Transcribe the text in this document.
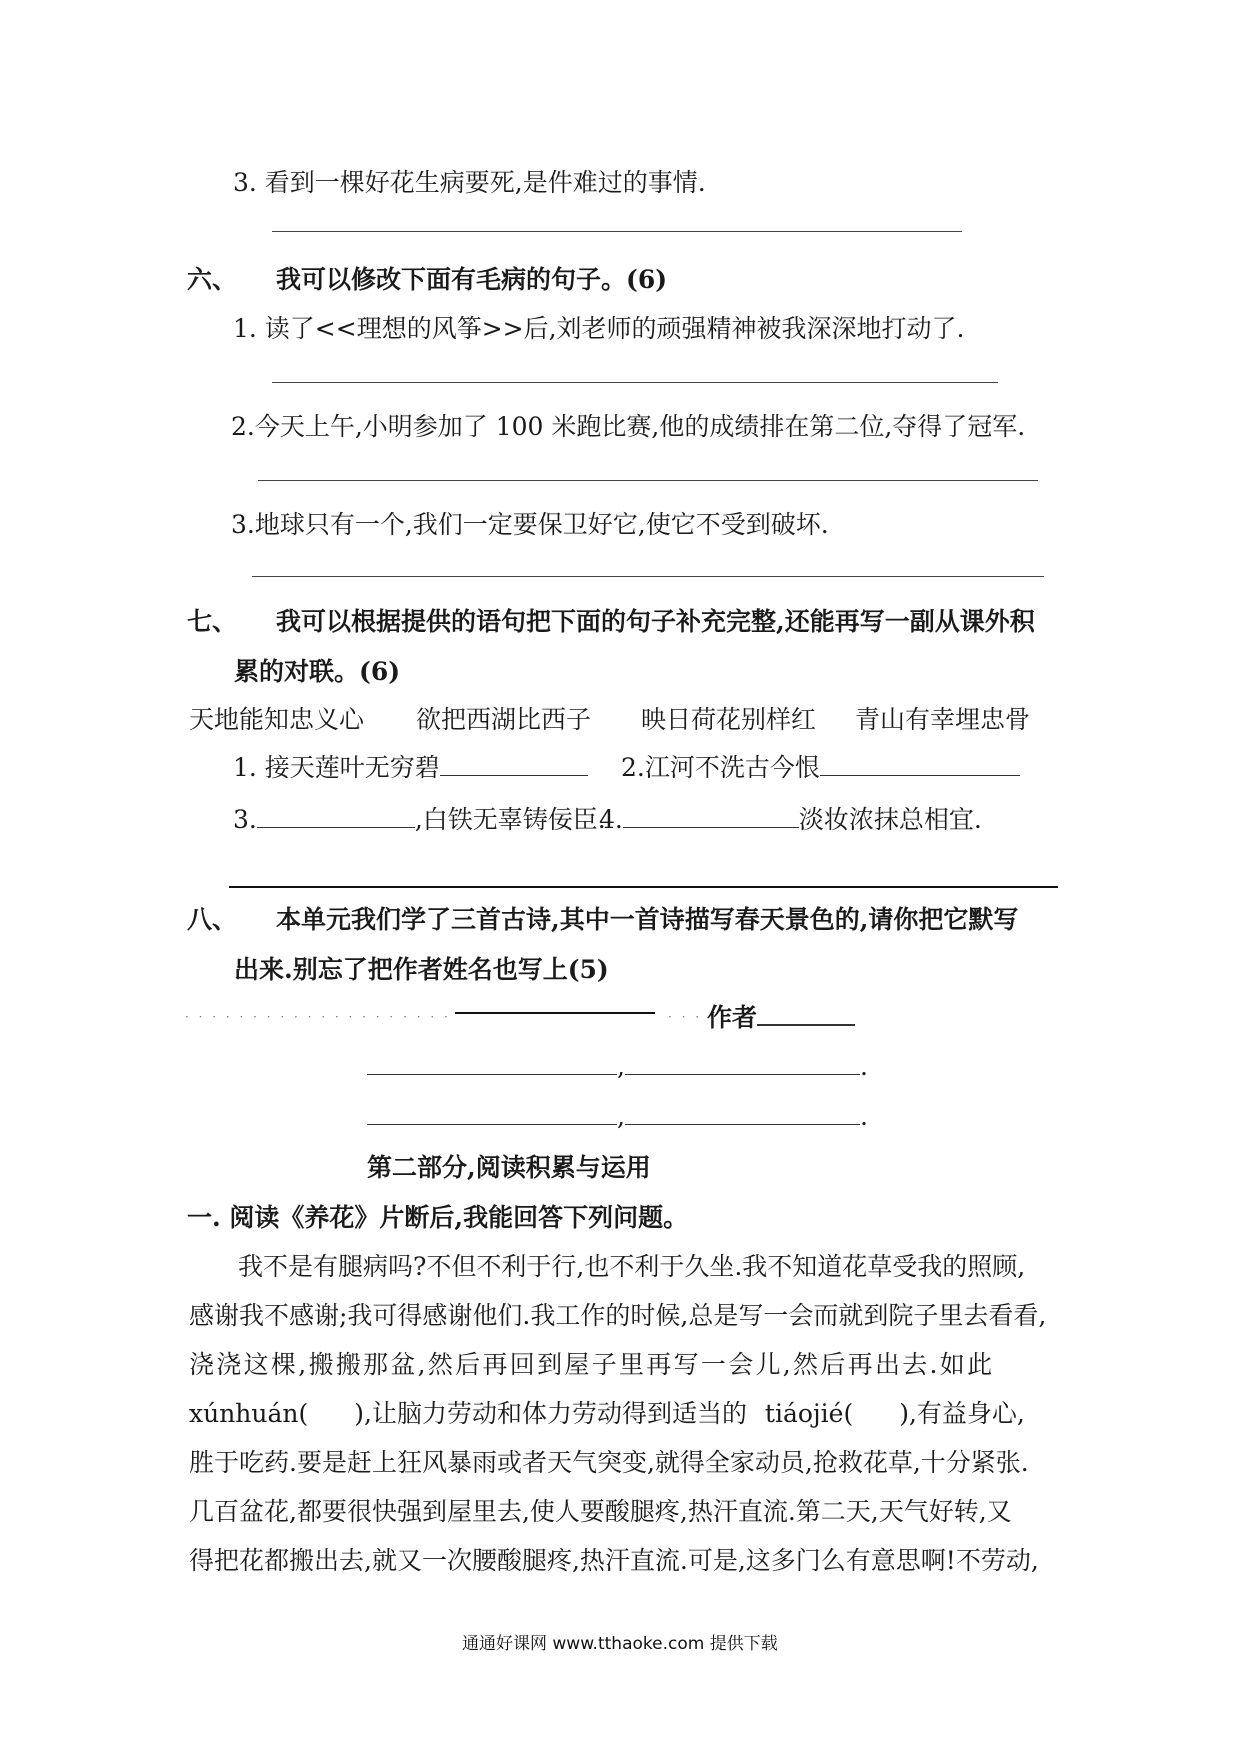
3. 看到一棵好花生病要死,是件难过的事情.
六、 我可以修改下面有毛病的句子。(6)
1. 读了<<理想的风筝>>后,刘老师的顽强精神被我深深地打动了.
2.今天上午,小明参加了 100 米跑比赛,他的成绩排在第二位,夺得了冠军.
3.地球只有一个,我们一定要保卫好它,使它不受到破坏.
七、 我可以根据提供的语句把下面的句子补充完整,还能再写一副从课外积
累的对联。(6)
天地能知忠义心 欲把西湖比西子 映日荷花别样红 青山有幸埋忠骨
1. 接天莲叶无穷碧	2.江河不洗古今恨
3.	,白铁无辜铸佞臣.
4.	淡妆浓抹总相宜.
八、 本单元我们学了三首古诗,其中一首诗描写春天景色的,请你把它默写
出来.别忘了把作者姓名也写上(5)
· · · · · · · · · · · · · · · · · · · ·	· · · 作者
,	.
,	.
第二部分,阅读积累与运用
一. 阅读《养花》片断后,我能回答下列问题。
我不是有腿病吗?不但不利于行,也不利于久坐.我不知道花草受我的照顾,
感谢我不感谢;我可得感谢他们.我工作的时候,总是写一会而就到院子里去看看,
浇浇这棵,搬搬那盆,然后再回到屋子里再写一会儿,然后再出去.如此
xúnhuán( ),让脑力劳动和体力劳动得到适当的 tiáojié( ),有益身心,
胜于吃药.要是赶上狂风暴雨或者天气突变,就得全家动员,抢救花草,十分紧张.
几百盆花,都要很快强到屋里去,使人要酸腿疼,热汗直流.第二天,天气好转,又
得把花都搬出去,就又一次腰酸腿疼,热汗直流.可是,这多门么有意思啊!不劳动,
通通好课网 www.tthaoke.com 提供下载
